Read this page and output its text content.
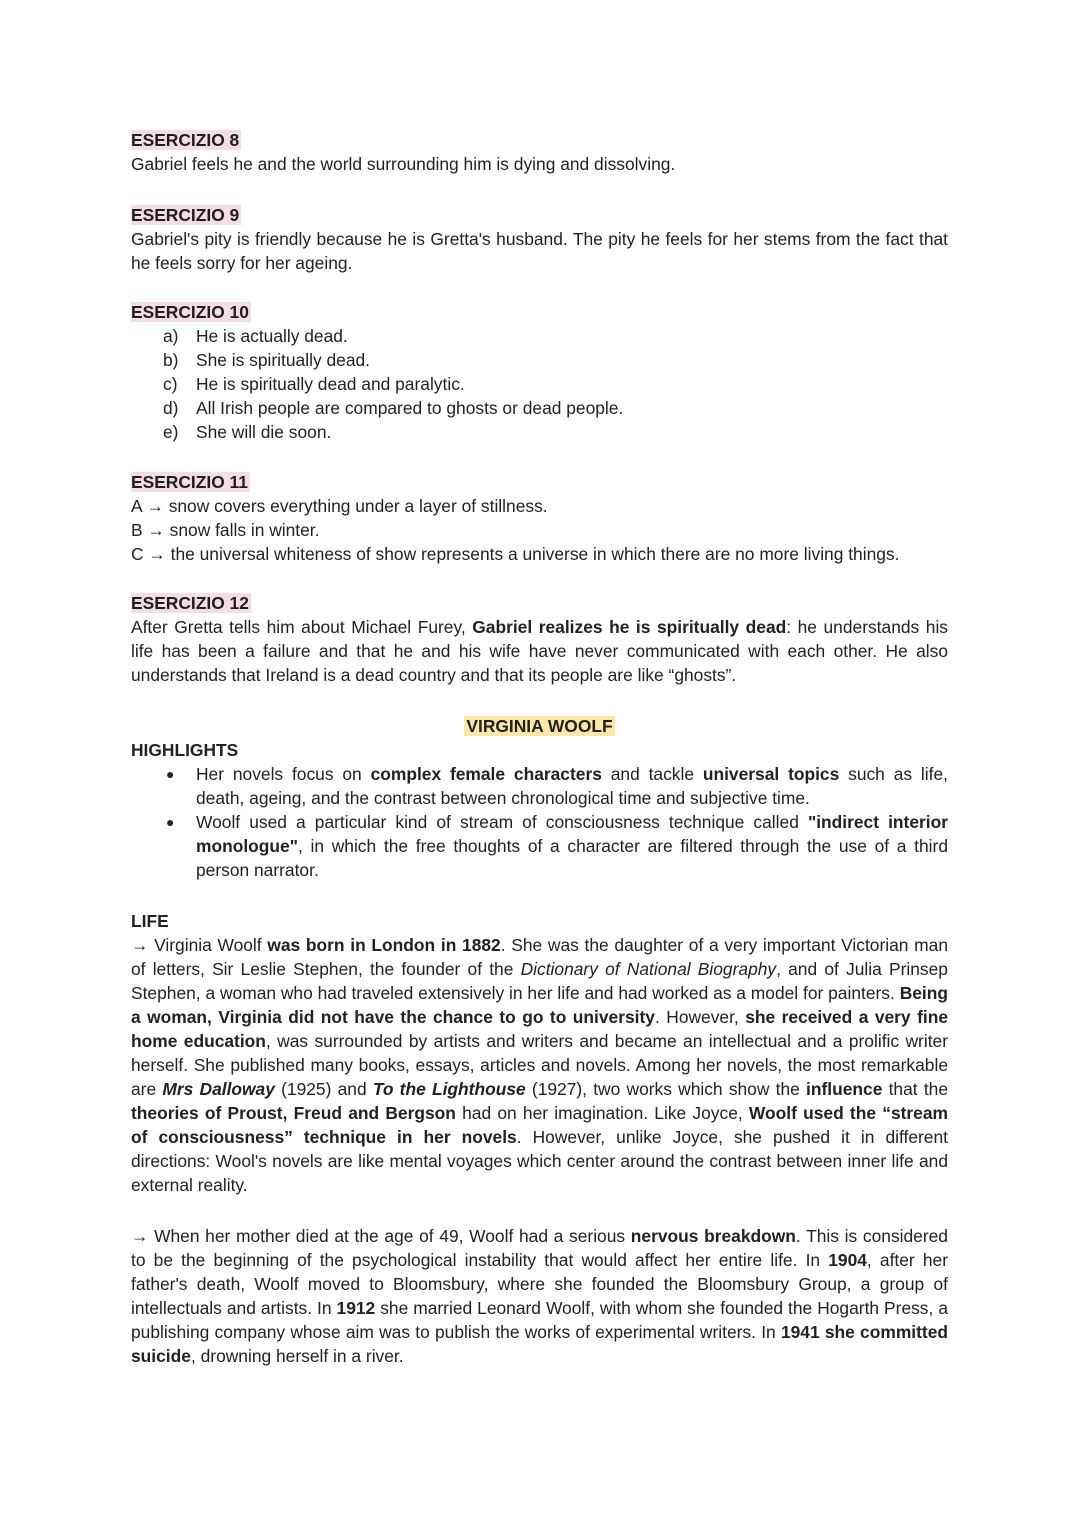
ESERCIZIO 8
Gabriel feels he and the world surrounding him is dying and dissolving.
ESERCIZIO 9
Gabriel's pity is friendly because he is Gretta's husband. The pity he feels for her stems from the fact that he feels sorry for her ageing.
ESERCIZIO 10
a)	He is actually dead.
b)	She is spiritually dead.
c)	He is spiritually dead and paralytic.
d)	All Irish people are compared to ghosts or dead people.
e)	She will die soon.
ESERCIZIO 11
A → snow covers everything under a layer of stillness.
B → snow falls in winter.
C → the universal whiteness of show represents a universe in which there are no more living things.
ESERCIZIO 12
After Gretta tells him about Michael Furey, Gabriel realizes he is spiritually dead: he understands his life has been a failure and that he and his wife have never communicated with each other. He also understands that Ireland is a dead country and that its people are like “ghosts”.
VIRGINIA WOOLF
HIGHLIGHTS
●	Her novels focus on complex female characters and tackle universal topics such as life, death, ageing, and the contrast between chronological time and subjective time.
●	Woolf used a particular kind of stream of consciousness technique called "indirect interior monologue", in which the free thoughts of a character are filtered through the use of a third person narrator.
LIFE
→ Virginia Woolf was born in London in 1882. She was the daughter of a very important Victorian man of letters, Sir Leslie Stephen, the founder of the Dictionary of National Biography, and of Julia Prinsep Stephen, a woman who had traveled extensively in her life and had worked as a model for painters. Being a woman, Virginia did not have the chance to go to university. However, she received a very fine home education, was surrounded by artists and writers and became an intellectual and a prolific writer herself. She published many books, essays, articles and novels. Among her novels, the most remarkable are Mrs Dalloway (1925) and To the Lighthouse (1927), two works which show the influence that the theories of Proust, Freud and Bergson had on her imagination. Like Joyce, Woolf used the “stream of consciousness” technique in her novels. However, unlike Joyce, she pushed it in different directions: Wool's novels are like mental voyages which center around the contrast between inner life and external reality.
→ When her mother died at the age of 49, Woolf had a serious nervous breakdown. This is considered to be the beginning of the psychological instability that would affect her entire life. In 1904, after her father's death, Woolf moved to Bloomsbury, where she founded the Bloomsbury Group, a group of intellectuals and artists. In 1912 she married Leonard Woolf, with whom she founded the Hogarth Press, a publishing company whose aim was to publish the works of experimental writers. In 1941 she committed suicide, drowning herself in a river.
